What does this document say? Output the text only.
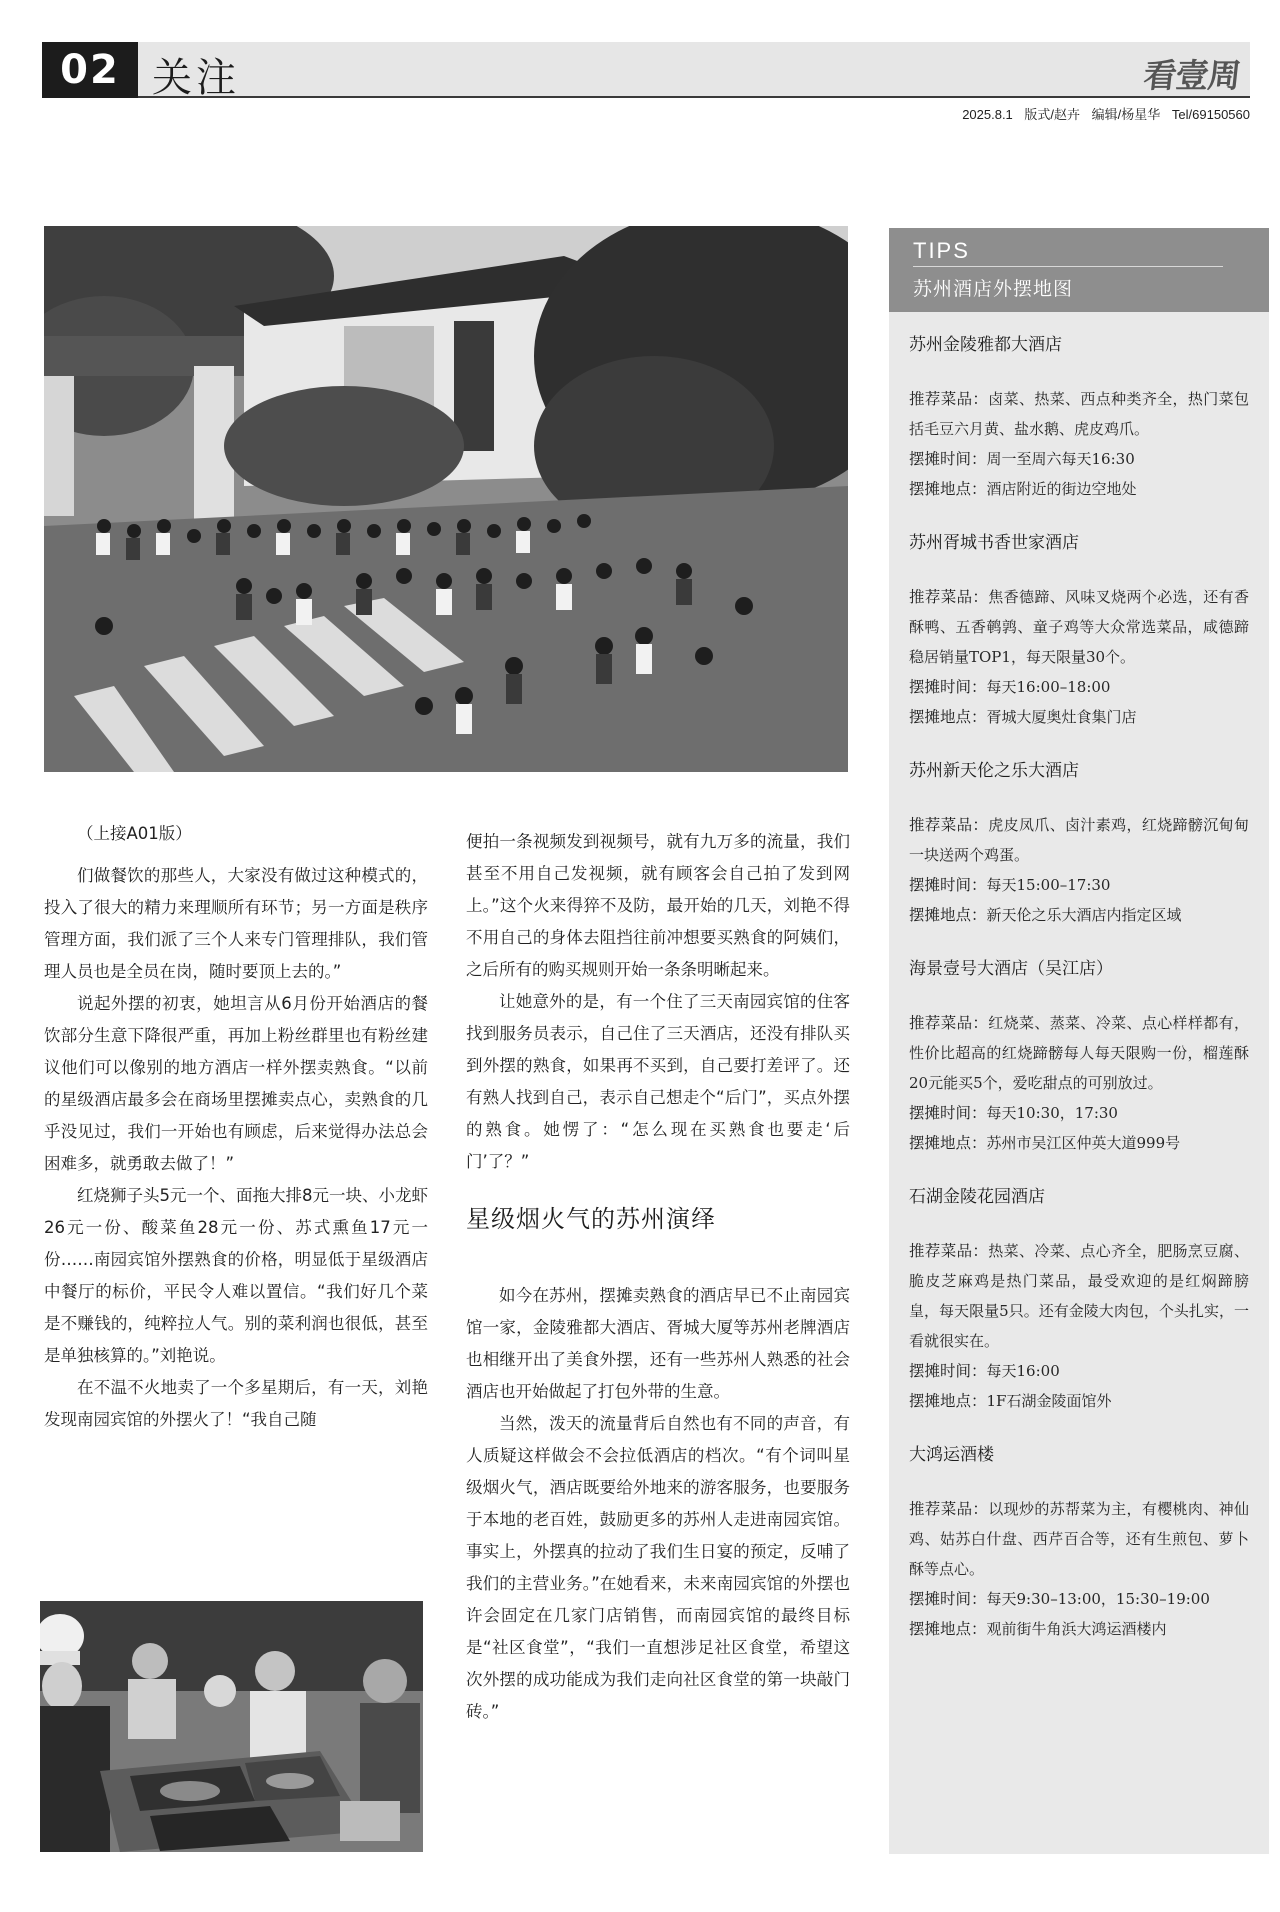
02 关注	看壹周
2025.8.1 版式/赵卉 编辑/杨星华 Tel/69150560

（上接A01版）

们做餐饮的那些人，大家没有做过这种模式的，投入了很大的精力来理顺所有环节；另一方面是秩序管理方面，我们派了三个人来专门管理排队，我们管理人员也是全员在岗，随时要顶上去的。”

说起外摆的初衷，她坦言从6月份开始酒店的餐饮部分生意下降很严重，再加上粉丝群里也有粉丝建议他们可以像别的地方酒店一样外摆卖熟食。“以前的星级酒店最多会在商场里摆摊卖点心，卖熟食的几乎没见过，我们一开始也有顾虑，后来觉得办法总会困难多，就勇敢去做了！”

红烧狮子头5元一个、面拖大排8元一块、小龙虾26元一份、酸菜鱼28元一份、苏式熏鱼17元一份……南园宾馆外摆熟食的价格，明显低于星级酒店中餐厅的标价，平民令人难以置信。“我们好几个菜是不赚钱的，纯粹拉人气。别的菜利润也很低，甚至是单独核算的。”刘艳说。

在不温不火地卖了一个多星期后，有一天，刘艳发现南园宾馆的外摆火了！“我自己随

便拍一条视频发到视频号，就有九万多的流量，我们甚至不用自己发视频，就有顾客会自己拍了发到网上。”这个火来得猝不及防，最开始的几天，刘艳不得不用自己的身体去阻挡往前冲想要买熟食的阿姨们，之后所有的购买规则开始一条条明晰起来。

让她意外的是，有一个住了三天南园宾馆的住客找到服务员表示，自己住了三天酒店，还没有排队买到外摆的熟食，如果再不买到，自己要打差评了。还有熟人找到自己，表示自己想走个“后门”，买点外摆的熟食。她愣了：“怎么现在买熟食也要走‘后门’了？”

星级烟火气的苏州演绎

如今在苏州，摆摊卖熟食的酒店早已不止南园宾馆一家，金陵雅都大酒店、胥城大厦等苏州老牌酒店也相继开出了美食外摆，还有一些苏州人熟悉的社会酒店也开始做起了打包外带的生意。

当然，泼天的流量背后自然也有不同的声音，有人质疑这样做会不会拉低酒店的档次。“有个词叫星级烟火气，酒店既要给外地来的游客服务，也要服务于本地的老百姓，鼓励更多的苏州人走进南园宾馆。事实上，外摆真的拉动了我们生日宴的预定，反哺了我们的主营业务。”在她看来，未来南园宾馆的外摆也许会固定在几家门店销售，而南园宾馆的最终目标是“社区食堂”，“我们一直想涉足社区食堂，希望这次外摆的成功能成为我们走向社区食堂的第一块敲门砖。”

TIPS
苏州酒店外摆地图
苏州金陵雅都大酒店
推荐菜品：卤菜、热菜、西点种类齐全，热门菜包括毛豆六月黄、盐水鹅、虎皮鸡爪。
摆摊时间：周一至周六每天16:30
摆摊地点：酒店附近的街边空地处
苏州胥城书香世家酒店
推荐菜品：焦香德蹄、风味叉烧两个必选，还有香酥鸭、五香鹌鹑、童子鸡等大众常选菜品，咸德蹄稳居销量TOP1，每天限量30个。
摆摊时间：每天16:00–18:00
摆摊地点：胥城大厦奥灶食集门店
苏州新天伦之乐大酒店
推荐菜品：虎皮凤爪、卤汁素鸡，红烧蹄髈沉甸甸一块送两个鸡蛋。
摆摊时间：每天15:00–17:30
摆摊地点：新天伦之乐大酒店内指定区域
海景壹号大酒店（吴江店）
推荐菜品：红烧菜、蒸菜、冷菜、点心样样都有，性价比超高的红烧蹄髈每人每天限购一份，榴莲酥20元能买5个，爱吃甜点的可别放过。
摆摊时间：每天10:30，17:30
摆摊地点：苏州市吴江区仲英大道999号
石湖金陵花园酒店
推荐菜品：热菜、冷菜、点心齐全，肥肠烹豆腐、脆皮芝麻鸡是热门菜品，最受欢迎的是红焖蹄膀皇，每天限量5只。还有金陵大肉包，个头扎实，一看就很实在。
摆摊时间：每天16:00
摆摊地点：1F石湖金陵面馆外
大鸿运酒楼
推荐菜品：以现炒的苏帮菜为主，有樱桃肉、神仙鸡、姑苏白什盘、西芹百合等，还有生煎包、萝卜酥等点心。
摆摊时间：每天9:30–13:00，15:30–19:00
摆摊地点：观前街牛角浜大鸿运酒楼内
